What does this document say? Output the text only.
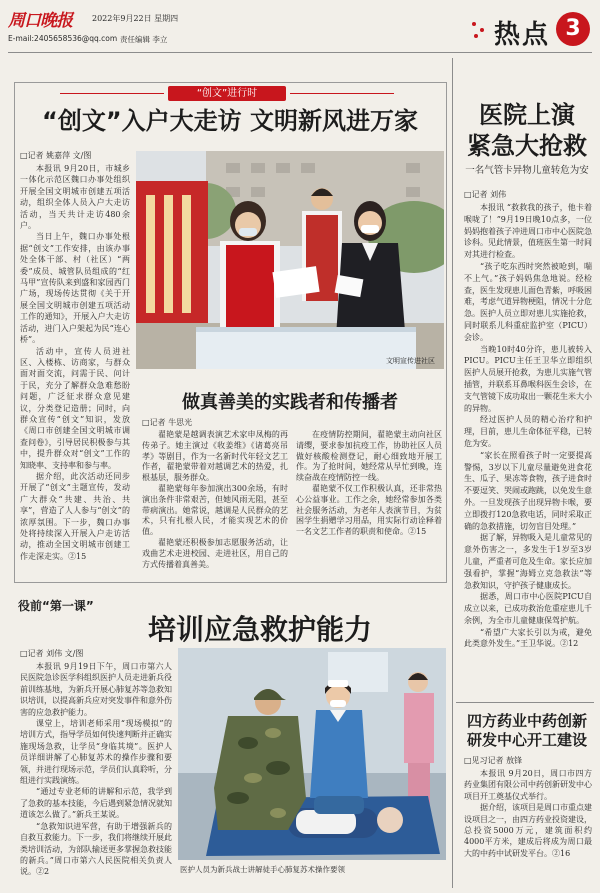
周口晚报	2022年9月22日 星期四
E-mail:2405658536@qq.com 责任编辑 李立	热点 3
“创文”进行时
“创文”入户大走访 文明新风进万家
□记者 姚嘉萍 文/图

本报讯 9月20日，市城乡一体化示范区魏口办事处组织开展全国文明城市创建五项活动，组织全体人员入户大走访活动，当天共计走访480余户。

当日上午，魏口办事处根据“创文”工作安排，由该办事处全体干部、村（社区）“两委”成员、城管队员组成的“红马甲”宣传队来到盛和家园西门广场，现场传达贯彻《关于开展全国文明城市创建五项活动工作的通知》，开展入户大走访活动，进门入户架起为民“连心桥”。

活动中，宣传人员进社区、入楼栋、访商家，与群众面对面交流，问需于民、问计于民，充分了解群众急难愁盼问题，广泛征求群众意见建议，分类登记造册；同时，向群众宣传“创文”知识，发放《周口市创建全国文明城市调查问卷》，引导居民积极参与其中，提升群众对“创文”工作的知晓率、支持率和参与率。

据介绍，此次活动还同步开展了“创文”主题宣传，发动广大群众“共建、共治、共享”，营造了人人参与“创文”的浓厚氛围。下一步，魏口办事处将持续深入开展入户走访活动，推动全国文明城市创建工作走深走实。②15

文明宣传进社区
做真善美的实践者和传播者
□记者 牛思光

翟艳蒙是越调表演艺术家申凤梅的再传弟子。她主演过《收姜维》《诸葛亮吊孝》等剧目，作为一名新时代年轻文艺工作者，翟艳蒙带着对越调艺术的热爱，扎根基层，服务群众。

翟艳蒙每年参加演出300余场，有时演出条件非常艰苦，但她风雨无阻，甚至带病演出。她常说，越调是人民群众的艺术，只有扎根人民，才能实现艺术的价值。

翟艳蒙还积极参加志愿服务活动，让戏曲艺术走进校园、走进社区，用自己的方式传播着真善美。

在疫情防控期间，翟艳蒙主动向社区请缨，要求参加抗疫工作，协助社区人员做好核酸检测登记，耐心细致地开展工作。为了抢时间，她经常从早忙到晚，连续奋战在疫情防控一线。

翟艳蒙不仅工作积极认真，还非常热心公益事业。工作之余，她经常参加各类社会服务活动，为老年人表演节目，为贫困学生捐赠学习用品，用实际行动诠释着一名文艺工作者的职责和使命。②15

医院上演
紧急大抢救
一名气管卡异物儿童转危为安
□记者 刘伟

本报讯 “救救我的孩子，他卡着喉咙了！”9月19日晚10点多，一位妈妈抱着孩子冲进周口市中心医院急诊科。见此情景，值班医生第一时间对其进行检查。

“孩子吃东西时突然被呛到，喘不上气。”孩子妈妈焦急地说。经检查，医生发现患儿面色青紫，呼吸困难，考虑气道异物梗阻，情况十分危急。医护人员立即对患儿实施抢救，同时联系儿科重症监护室（PICU）会诊。

当晚10时40分许，患儿被转入PICU。PICU主任王卫华立即组织医护人员展开抢救，为患儿实施气管插管，并联系耳鼻喉科医生会诊，在支气管镜下成功取出一颗花生米大小的异物。

经过医护人员的精心治疗和护理，目前，患儿生命体征平稳，已转危为安。

“家长在照看孩子时一定要提高警惕，3岁以下儿童尽量避免进食花生、瓜子、果冻等食物，孩子进食时不要逗笑、哭闹或跑跳，以免发生意外。一旦发现孩子出现异物卡喉，要立即拨打120急救电话，同时采取正确的急救措施，切勿盲目处理。”

据了解，异物吸入是儿童常见的意外伤害之一，多发生于1岁至3岁儿童，严重者可危及生命。家长应加强看护，掌握“海姆立克急救法”等急救知识，守护孩子健康成长。

据悉，周口市中心医院PICU自成立以来，已成功救治危重症患儿千余例，为全市儿童健康保驾护航。

“希望广大家长引以为戒，避免此类意外发生。”王卫华说。②12

四方药业中药创新
研发中心开工建设
□见习记者 敖锋

本报讯 9月20日，周口市四方药业集团有限公司中药创新研发中心项目开工奠基仪式举行。

据介绍，该项目是周口市重点建设项目之一，由四方药业投资建设，总投资5000万元，建筑面积约4000平方米，建成后将成为周口最大的中药中试研发平台。②16

役前“第一课”
培训应急救护能力
□记者 刘伟 文/图

本报讯 9月19日下午，周口市第六人民医院急诊医学科组织医护人员走进新兵役前训练基地，为新兵开展心肺复苏等急救知识培训，以提高新兵应对突发事件和意外伤害的应急救护能力。

课堂上，培训老师采用“现场模拟”的培训方式，指导学员如何快速判断并正确实施现场急救，让学员“身临其境”。医护人员详细讲解了心肺复苏术的操作步骤和要领，并进行现场示范，学员们认真聆听，分组进行实践演练。

“通过专业老师的讲解和示范，我学到了急救的基本技能，今后遇到紧急情况就知道该怎么做了。”新兵王某说。

“急救知识进军营，有助于增强新兵的自救互救能力。下一步，我们将继续开展此类培训活动，为部队输送更多掌握急救技能的新兵。”周口市第六人民医院相关负责人说。②2	医护人员为新兵战士讲解徒手心肺复苏术操作要领
